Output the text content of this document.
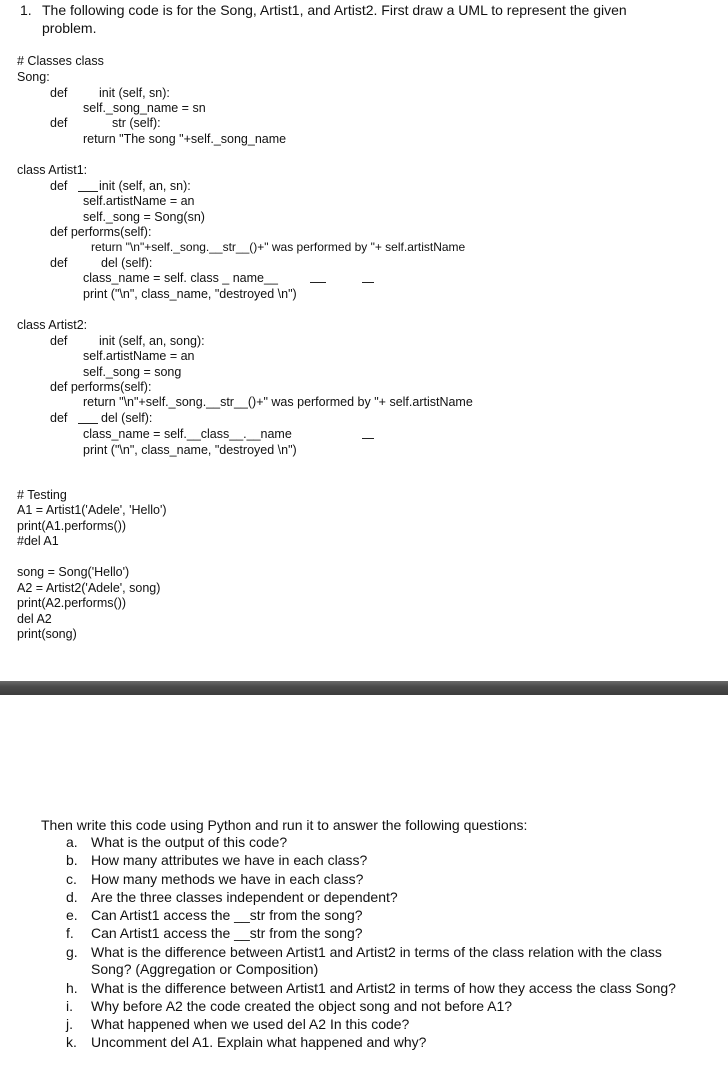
1. The following code is for the Song, Artist1, and Artist2. First draw a UML to represent the given
problem.
# Classes class
Song:
def	init (self, sn):
self._song_name = sn
def	str (self):
return "The song "+self._song_name
class Artist1:
def	init (self, an, sn):
self.artistName = an
self._song = Song(sn)
def performs(self):
return "\n"+self._song.__str__()+" was performed by "+ self.artistName
def	del (self):
class_name = self. class _ name__
print ("\n", class_name, "destroyed \n")
class Artist2:
def	init (self, an, song):
self.artistName = an
self._song = song
def performs(self):
return "\n"+self._song.__str__()+" was performed by "+ self.artistName
def	del (self):
class_name = self.__class__.__name
print ("\n", class_name, "destroyed \n")
# Testing
A1 = Artist1('Adele', 'Hello')
print(A1.performs())
#del A1
song = Song('Hello')
A2 = Artist2('Adele', song)
print(A2.performs())
del A2
print(song)
Then write this code using Python and run it to answer the following questions:
a. What is the output of this code?
b. How many attributes we have in each class?
c. How many methods we have in each class?
d. Are the three classes independent or dependent?
e. Can Artist1 access the __str from the song?
f. Can Artist1 access the __str from the song?
g. What is the difference between Artist1 and Artist2 in terms of the class relation with the class Song? (Aggregation or Composition)
h. What is the difference between Artist1 and Artist2 in terms of how they access the class Song?
i. Why before A2 the code created the object song and not before A1?
j. What happened when we used del A2 In this code?
k. Uncomment del A1. Explain what happened and why?
